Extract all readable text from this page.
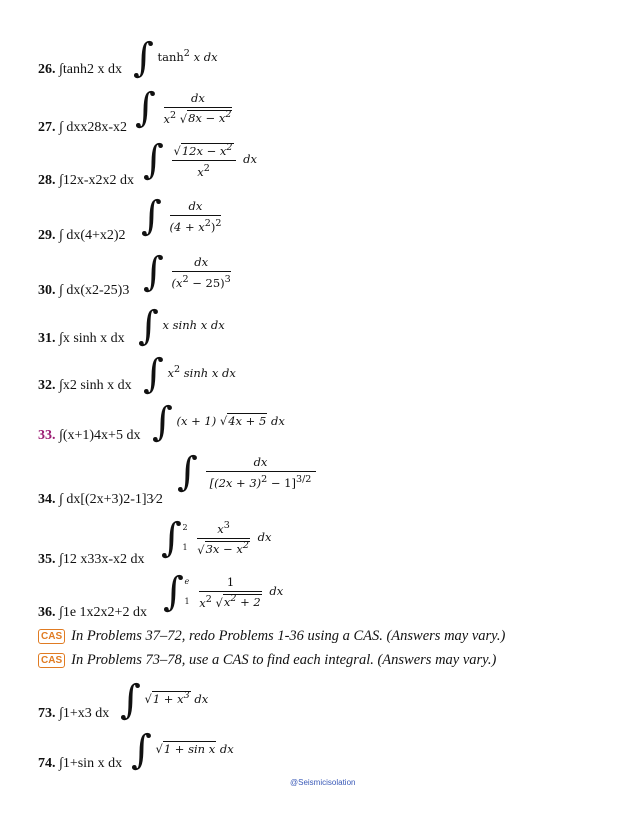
26. ∫tanh2 x dx
27. ∫ dxx28x-x2
28. ∫12x-x2x2 dx
29. ∫ dx(4+x2)2
30. ∫ dx(x2-25)3
31. ∫x sinh x dx
32. ∫x2 sinh x dx
33. ∫(x+1)4x+5 dx
34. ∫ dx[(2x+3)2-1]3⁄2
35. ∫12 x33x-x2 dx
36. ∫1e 1x2x2+2 dx
CAS In Problems 37–72, redo Problems 1-36 using a CAS. (Answers may vary.)
CAS In Problems 73–78, use a CAS to find each integral. (Answers may vary.)
73. ∫1+x3 dx
74. ∫1+sin x dx
∫ $\tanh^2 x$ dx
∫ $\frac{dx}{x^2 √8x - x^2}$
∫ $\frac{√12x - x^2}{x^2}$ dx
∫ $\frac{dx}{(4 + x^2)^2}$
∫ $\frac{dx}{(x^2 - 25)^3}$
∫ x sinh x dx
∫ $x^2$ sinh x dx
∫ (x + 1) √4x + 5 dx
∫ $\frac{dx}{[(2x + 3)^2 - 1]^{3/2}}$
∫ 2

$1 \frac{x^3}{√3x - x^2}$ dx
∫ e

$1 \frac{1}{x^2 √x^2 + 2}$ dx
∫ $√1 + x^3$ dx
∫ √1 + sin x dx
@Seismicisolation
